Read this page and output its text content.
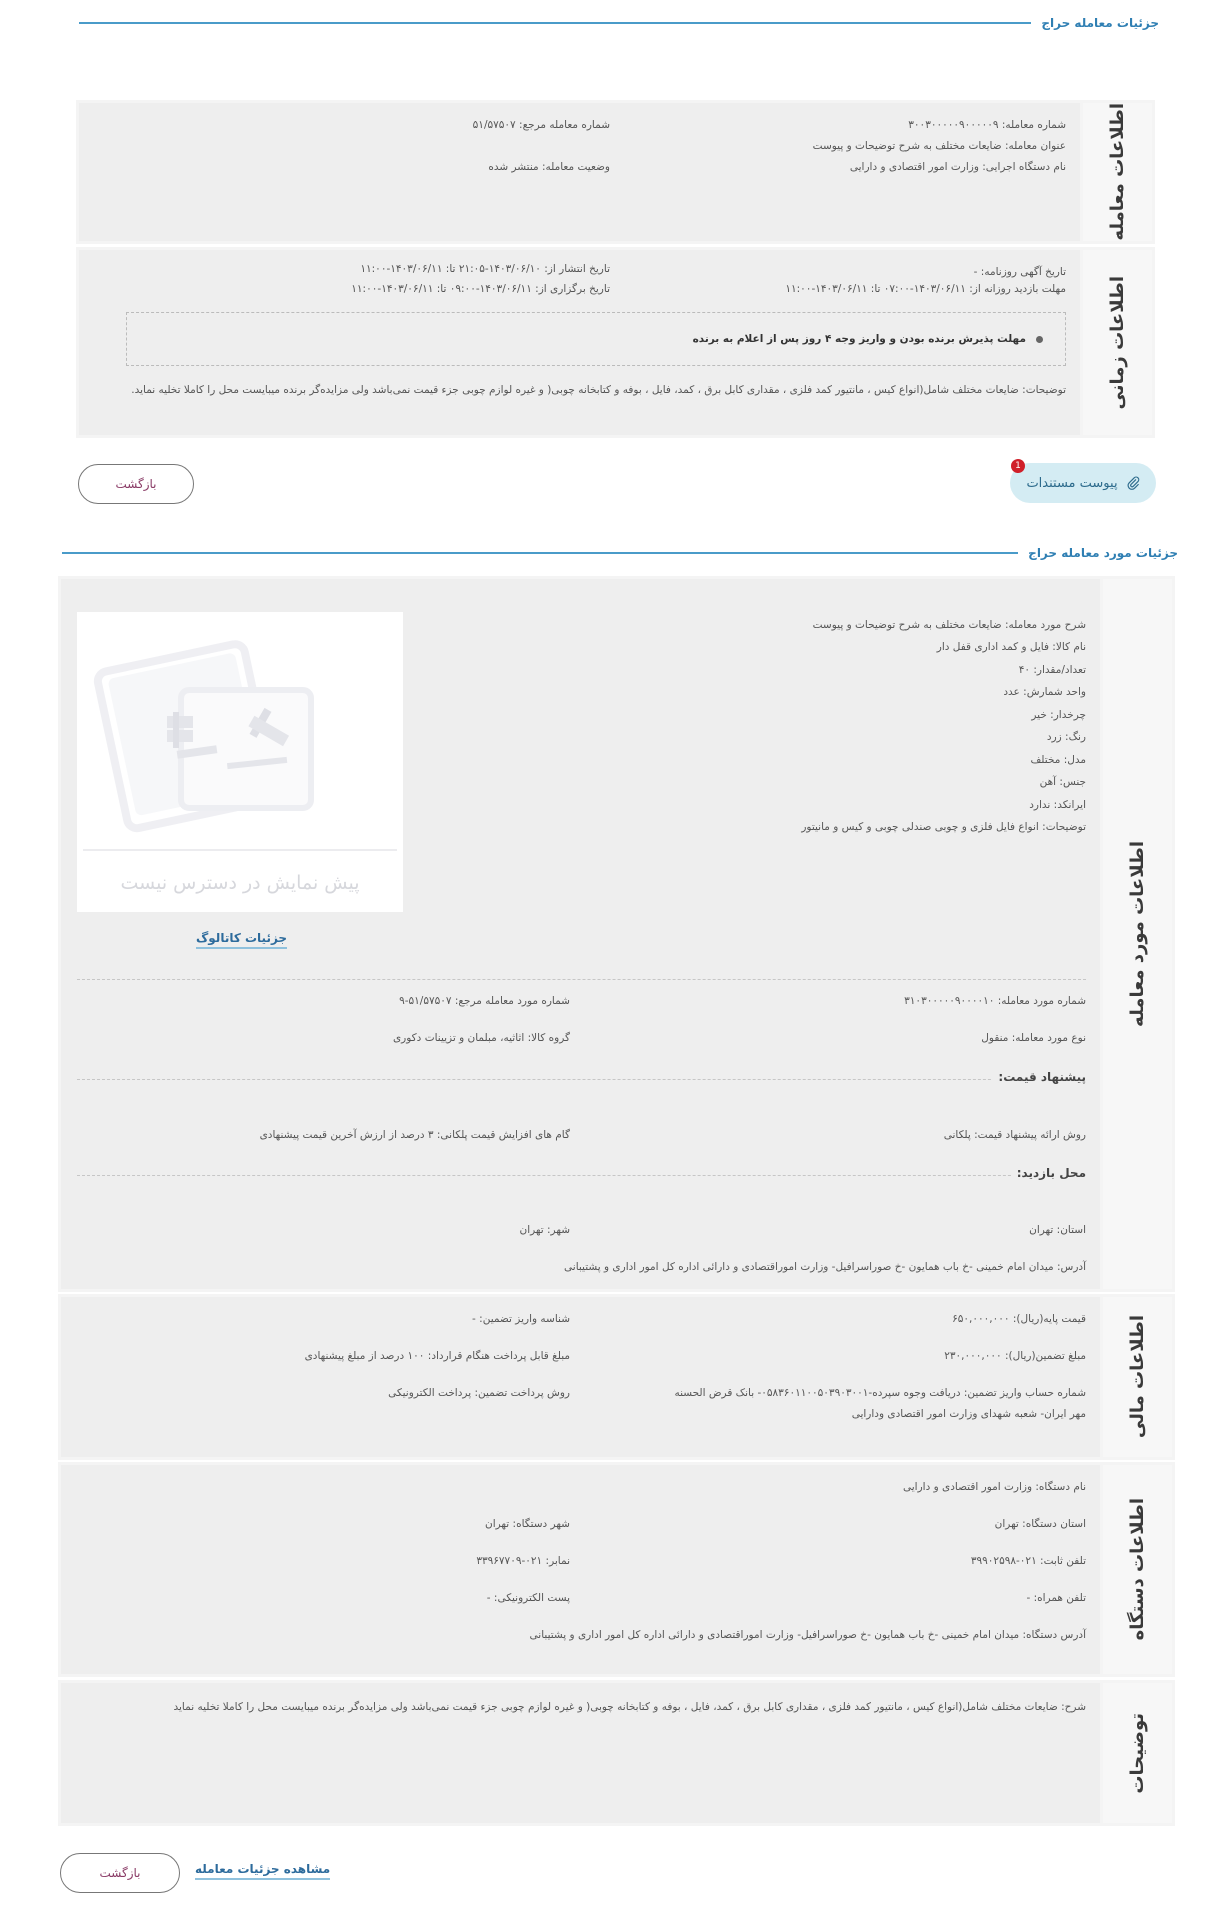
جزئیات معامله حراج
اطلاعات معامله
شماره معامله: ۳۰۰۳۰۰۰۰۰۹۰۰۰۰۰۹
شماره معامله مرجع: ۵۱/۵۷۵۰۷
عنوان معامله: ضایعات مختلف به شرح توضیحات و پیوست
نام دستگاه اجرایی: وزارت امور اقتصادی و دارایی
وضعیت معامله: منتشر شده
اطلاعات زمانی
تاریخ آگهی روزنامه: -
تاریخ انتشار از: ۱۴۰۳/۰۶/۱۰-۲۱:۰۵ تا: ۱۴۰۳/۰۶/۱۱-۱۱:۰۰
مهلت بازدید روزانه از: ۱۴۰۳/۰۶/۱۱-۰۷:۰۰ تا: ۱۴۰۳/۰۶/۱۱-۱۱:۰۰
تاریخ برگزاری از: ۱۴۰۳/۰۶/۱۱-۰۹:۰۰ تا: ۱۴۰۳/۰۶/۱۱-۱۱:۰۰
مهلت پذیرش برنده بودن و واریز وجه ۴ روز پس از اعلام به برنده
توضیحات: ضایعات مختلف شامل(انواع کیس ، مانتیور کمد فلزی ، مقداری کابل برق ، کمد، فایل ، بوفه و کتابخانه چوبی( و غیره لوازم چوبی جزء قیمت نمی‌باشد ولی مزایده‌گر برنده میبایست محل را کاملا تخلیه نماید.
پیوست مستندات
1
بازگشت
جزئیات مورد معامله حراج
اطلاعات مورد معامله
شرح مورد معامله: ضایعات مختلف به شرح توضیحات و پیوست
نام کالا: فایل و کمد اداری قفل دار
تعداد/مقدار: ۴۰
واحد شمارش: عدد
چرخدار: خیر
رنگ: زرد
مدل: مختلف
جنس: آهن
ایرانکد: ندارد
توضیحات: انواع فایل فلزی و چوبی صندلی چوبی و کیس و مانیتور
پیش نمایش در دسترس نیست
جزئیات کاتالوگ
شماره مورد معامله: ۳۱۰۳۰۰۰۰۰۹۰۰۰۰۱۰
شماره مورد معامله مرجع: ۵۱/۵۷۵۰۷-۹
نوع مورد معامله: منقول
گروه کالا: اثاثیه، مبلمان و تزیینات دکوری
پیشنهاد قیمت:
روش ارائه پیشنهاد قیمت: پلکانی
گام های افزایش قیمت پلکانی: ۳ درصد از ارزش آخرین قیمت پیشنهادی
محل بازدید:
استان: تهران
شهر: تهران
آدرس: میدان امام خمینی -خ باب همایون -خ صوراسرافیل- وزارت اموراقتصادی و دارائی اداره کل امور اداری و پشتیبانی
اطلاعات مالی
قیمت پایه(ریال): ۶۵۰,۰۰۰,۰۰۰
شناسه واریز تضمین: -
مبلغ تضمین(ریال): ۲۳۰,۰۰۰,۰۰۰
مبلغ قابل پرداخت هنگام قرارداد: ۱۰۰ درصد از مبلغ پیشنهادی
شماره حساب واریز تضمین: دریافت وجوه سپرده-۰۵۸۳۶۰۱۱۰۰۵۰۳۹۰۳۰۰۱- بانک قرض الحسنه
روش پرداخت تضمین: پرداخت الکترونیکی
مهر ایران- شعبه شهدای وزارت امور اقتصادی ودارایی
اطلاعات دستگاه
نام دستگاه: وزارت امور اقتصادی و دارایی
استان دستگاه: تهران
شهر دستگاه: تهران
تلفن ثابت: ۰۲۱-۳۹۹۰۲۵۹۸
نمابر: ۰۲۱-۳۳۹۶۷۷۰۹
تلفن همراه: -
پست الکترونیکی: -
آدرس دستگاه: میدان امام خمینی -خ باب همایون -خ صوراسرافیل- وزارت اموراقتصادی و دارائی اداره کل امور اداری و پشتیبانی
توضیحات
شرح: ضایعات مختلف شامل(انواع کیس ، مانتیور کمد فلزی ، مقداری کابل برق ، کمد، فایل ، بوفه و کتابخانه چوبی( و غیره لوازم چوبی جزء قیمت نمی‌باشد ولی مزایده‌گر برنده میبایست محل را کاملا تخلیه نماید
مشاهده جزئیات معامله
بازگشت
